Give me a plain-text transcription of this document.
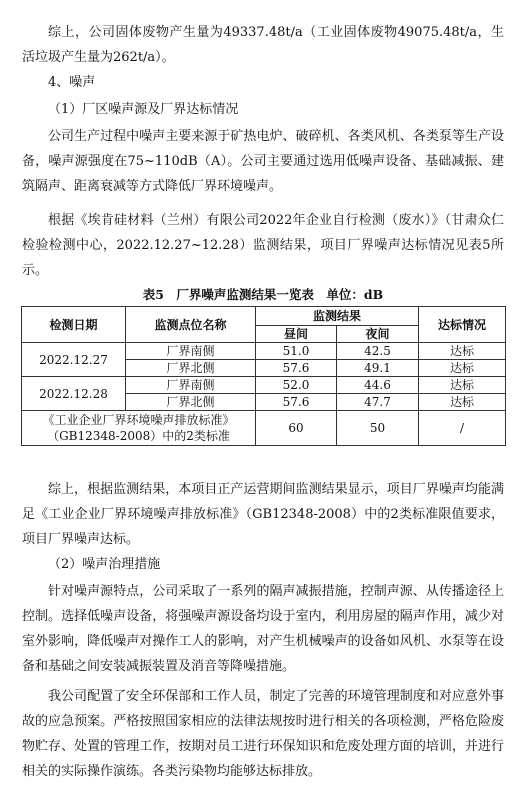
综上，公司固体废物产生量为49337.48t/a（工业固体废物49075.48t/a，生活垃圾产生量为262t/a）。

4、噪声

（1）厂区噪声源及厂界达标情况

公司生产过程中噪声主要来源于矿热电炉、破碎机、各类风机、各类泵等生产设备，噪声源强度在75~110dB（A）。公司主要通过选用低噪声设备、基础减振、建筑隔声、距离衰减等方式降低厂界环境噪声。

根据《埃肯硅材料（兰州）有限公司2022年企业自行检测（废水）》（甘肃众仁检验检测中心，2022.12.27~12.28）监测结果，项目厂界噪声达标情况见表5所示。

表5　厂界噪声监测结果一览表　单位：dB
检测日期	监测点位名称	监测结果		达标情况
		昼间	夜间	
2022.12.27	厂界南侧	51.0	42.5	达标
	厂界北侧	57.6	49.1	达标
2022.12.28	厂界南侧	52.0	44.6	达标
	厂界北侧	57.6	47.7	达标
《工业企业厂界环境噪声排放标准》（GB12348-2008）中的2类标准		60	50	/

综上，根据监测结果，本项目正产运营期间监测结果显示，项目厂界噪声均能满足《工业企业厂界环境噪声排放标准》（GB12348-2008）中的2类标准限值要求，项目厂界噪声达标。

（2）噪声治理措施

针对噪声源特点，公司采取了一系列的隔声减振措施，控制声源、从传播途径上控制。选择低噪声设备，将强噪声源设备均设于室内，利用房屋的隔声作用，减少对室外影响，降低噪声对操作工人的影响，对产生机械噪声的设备如风机、水泵等在设备和基础之间安装减振装置及消音等降噪措施。

我公司配置了安全环保部和工作人员，制定了完善的环境管理制度和对应意外事故的应急预案。严格按照国家相应的法律法规按时进行相关的各项检测，严格危险废物贮存、处置的管理工作，按期对员工进行环保知识和危废处理方面的培训，并进行相关的实际操作演练。各类污染物均能够达标排放。
